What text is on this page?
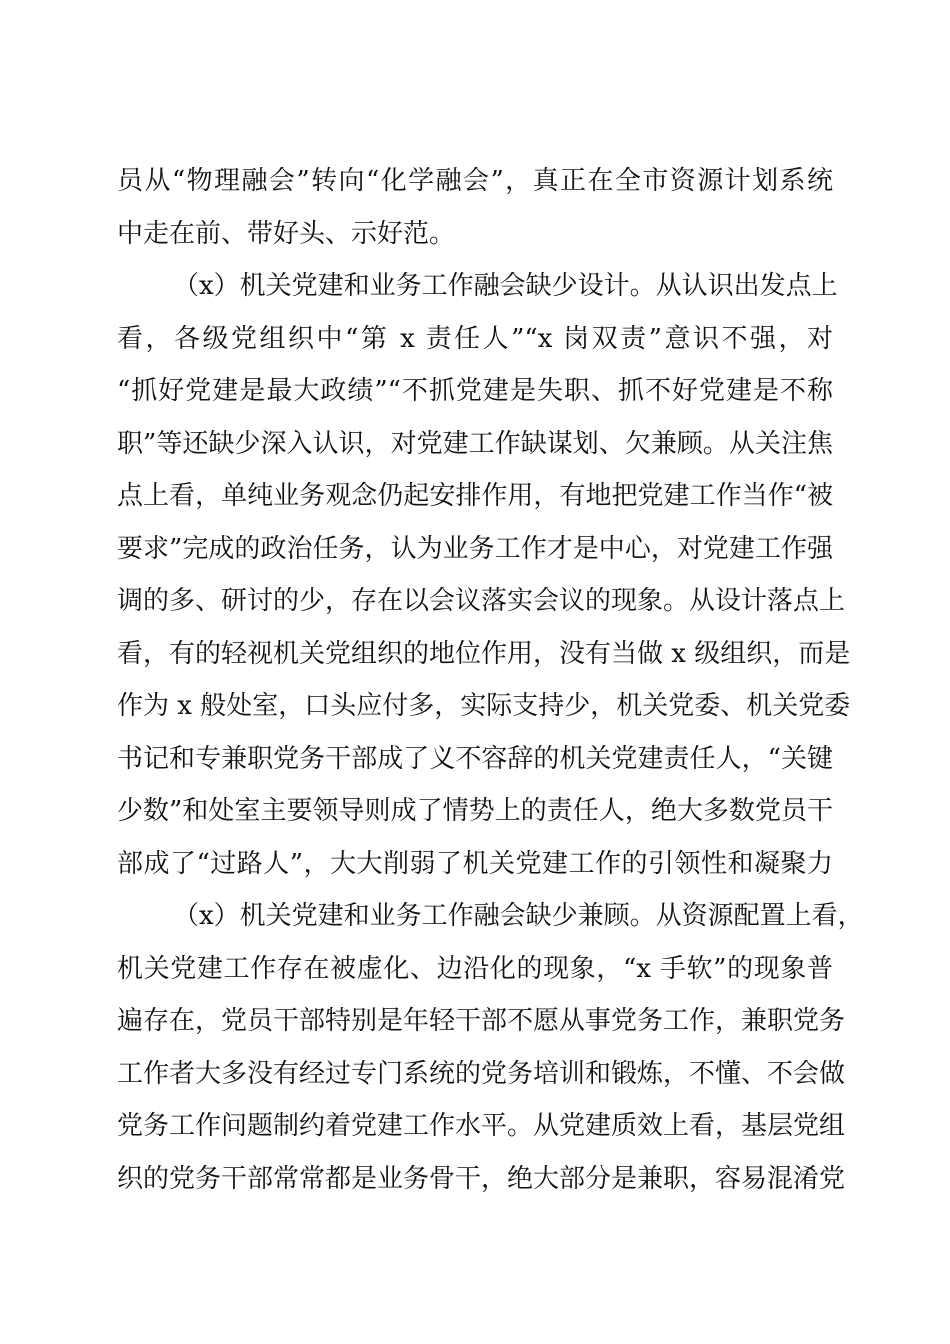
员从“物理融会”转向“化学融会”，真正在全市资源计划系统
中走在前、带好头、示好范。
（x）机关党建和业务工作融会缺少设计。从认识出发点上
看，各级党组织中“第 x 责任人”“x 岗双责”意识不强，对
“抓好党建是最大政绩”“不抓党建是失职、抓不好党建是不称
职”等还缺少深入认识，对党建工作缺谋划、欠兼顾。从关注焦
点上看，单纯业务观念仍起安排作用，有地把党建工作当作“被
要求”完成的政治任务，认为业务工作才是中心，对党建工作强
调的多、研讨的少，存在以会议落实会议的现象。从设计落点上
看，有的轻视机关党组织的地位作用，没有当做 x 级组织，而是
作为 x 般处室，口头应付多，实际支持少，机关党委、机关党委
书记和专兼职党务干部成了义不容辞的机关党建责任人，“关键
少数”和处室主要领导则成了情势上的责任人，绝大多数党员干
部成了“过路人”，大大削弱了机关党建工作的引领性和凝聚力
（x）机关党建和业务工作融会缺少兼顾。从资源配置上看，
机关党建工作存在被虚化、边沿化的现象，“x 手软”的现象普
遍存在，党员干部特别是年轻干部不愿从事党务工作，兼职党务
工作者大多没有经过专门系统的党务培训和锻炼，不懂、不会做
党务工作问题制约着党建工作水平。从党建质效上看，基层党组
织的党务干部常常都是业务骨干，绝大部分是兼职，容易混淆党
